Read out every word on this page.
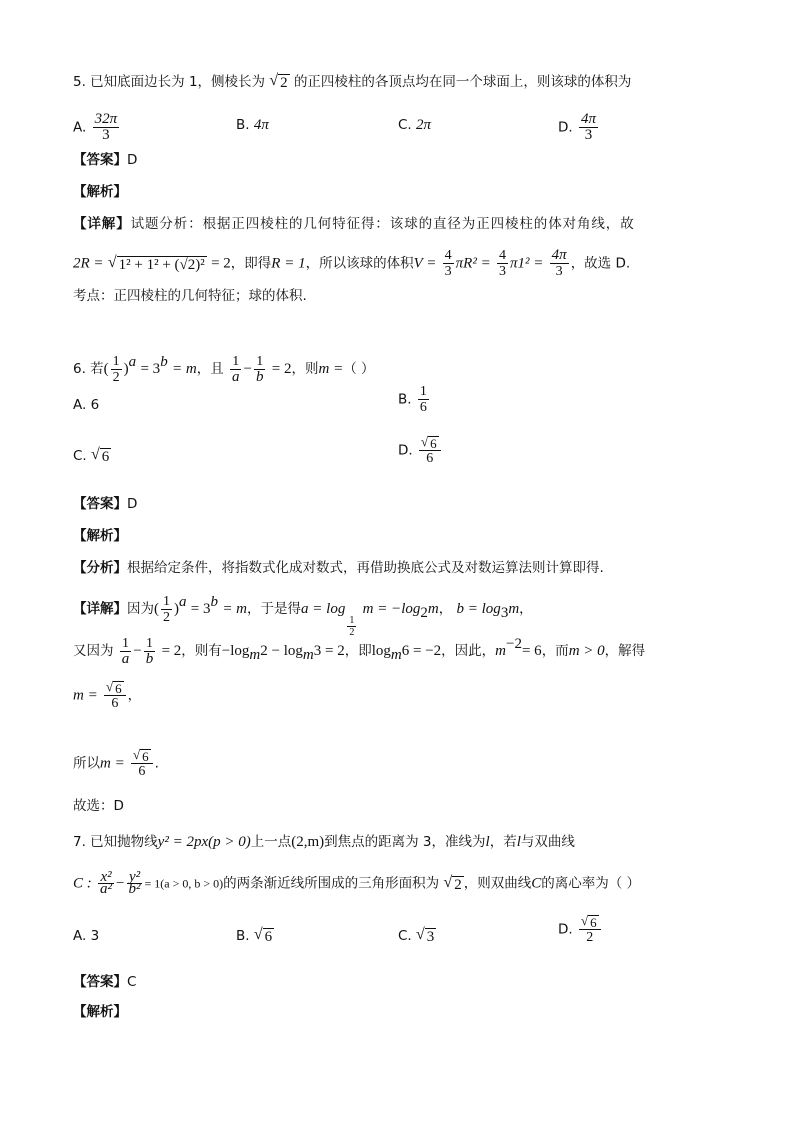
5. 已知底面边长为 1，侧棱长为 √ 2 的正四棱柱的各顶点均在同一个球面上，则该球的体积为
A. $\frac{32\pi}{3}$	B. 4π	C. 2π	D. $\frac{4\pi}{3}$
【答案】D
【解析】
【详解】试题分析：根据正四棱柱的几何特征得：该球的直径为正四棱柱的体对角线，故
2R = √ 1² + 1² + (√2)² = 2，即得R = 1，所以该球的体积$V = \frac{4}{3} \pi R^2 = \frac{4}{3} \pi 1^2 = \frac{4\pi}{3}$ ，故选 D.
考点：正四棱柱的几何特征；球的体积.
6. 若( $\frac{1}{2} )^a = 3^b = m$，且 $\frac{1}{a} - \frac{1}{b} = 2$，则m =（ ）
A. 6	B. $\frac{1}{6}$
C. √ 6	D. $\frac{√ 6}{6}$
【答案】D
【解析】
【分析】根据给定条件，将指数式化成对数式，再借助换底公式及对数运算法则计算即得.
【详解】因为( $\frac{1}{2} )^a = 3^b = m$，于是得a = log
$\frac{1}{2}$
$m = -\log_2m$， $b = \log_3m$，
又因为 $\frac{1}{a} - \frac{1}{b} = 2$，则有$-\log_m2 - \log_m3 = 2$，即$\log_m6 = -2$，因此，$m^{-2}= 6$，而m > 0，解得
$m = \frac{√ 6}{6}$ ，
所以$m = \frac{√ 6}{6}$ .
故选：D
7. 已知抛物线y² = 2px(p > 0)上一点(2,m)到焦点的距离为 3，准线为l，若l与双曲线
C : $\frac{\text{x²}}{\text{a²}} - \frac{\text{y²}}{\text{b²}} = 1(a > 0$, b > 0)的两条渐近线所围成的三角形面积为 √ 2 ，则双曲线C的离心率为（ ）
A. 3	B. √ 6	C. √ 3	D. $\frac{√ 6}{2}$
【答案】C
【解析】
